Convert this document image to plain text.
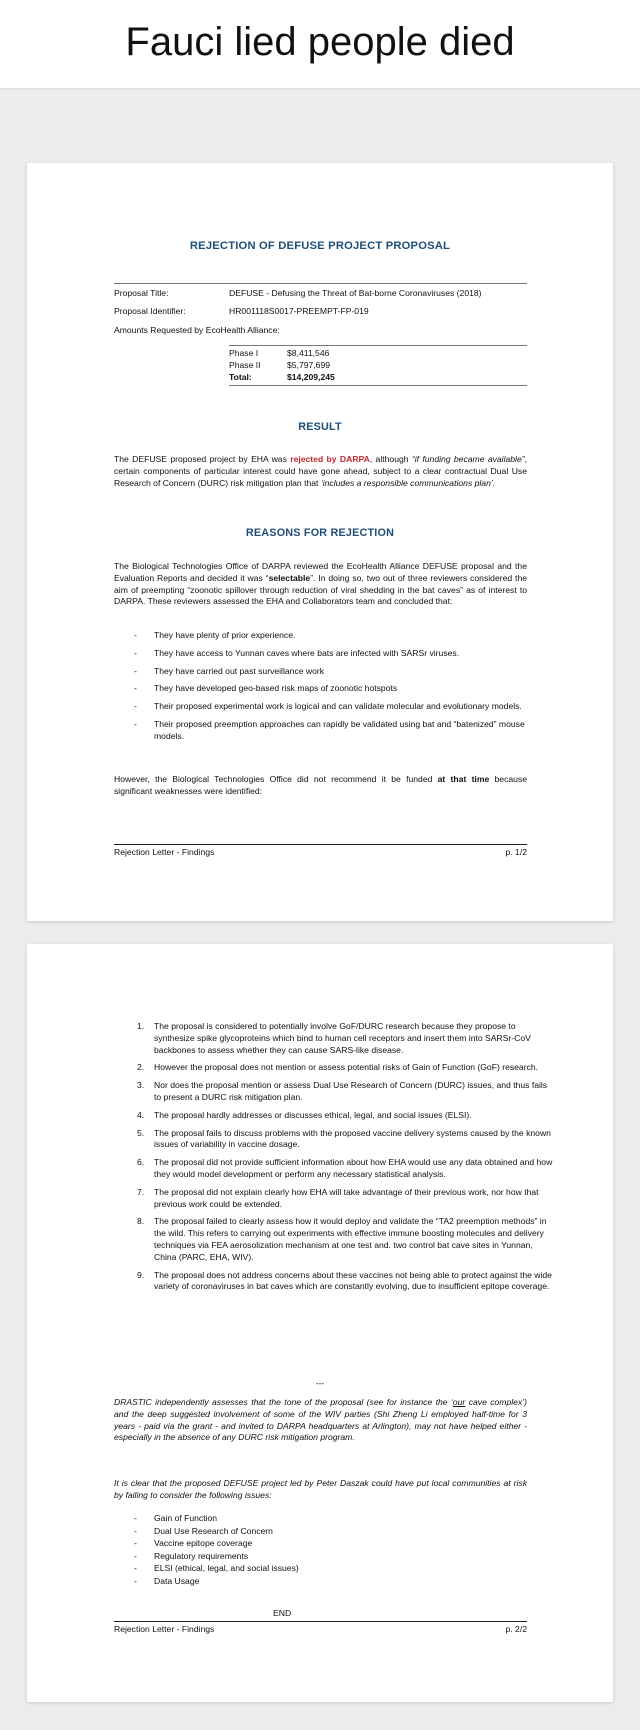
Fauci lied people died
REJECTION OF DEFUSE PROJECT PROPOSAL
Proposal Title:	DEFUSE - Defusing the Threat of Bat-borne Coronaviruses (2018)
Proposal Identifier:	HR001118S0017-PREEMPT-FP-019
Amounts Requested by EcoHealth Alliance:
Phase I	$8,411,546
Phase II	$5,797,699
Total:	$14,209,245
RESULT
The DEFUSE proposed project by EHA was rejected by DARPA, although “if funding became available”, certain components of particular interest could have gone ahead, subject to a clear contractual Dual Use Research of Concern (DURC) risk mitigation plan that ‘includes a responsible communications plan’.
REASONS FOR REJECTION
The Biological Technologies Office of DARPA reviewed the EcoHealth Alliance DEFUSE proposal and the Evaluation Reports and decided it was “selectable”. In doing so, two out of three reviewers considered the aim of preempting “zoonotic spillover through reduction of viral shedding in the bat caves” as of interest to DARPA. These reviewers assessed the EHA and Collaborators team and concluded that:
- They have plenty of prior experience.
- They have access to Yunnan caves where bats are infected with SARSr viruses.
- They have carried out past surveillance work
- They have developed geo-based risk maps of zoonotic hotspots
- Their proposed experimental work is logical and can validate molecular and evolutionary models.
- Their proposed preemption approaches can rapidly be validated using bat and “batenized” mouse models.
However, the Biological Technologies Office did not recommend it be funded at that time because significant weaknesses were identified:
Rejection Letter - Findings	p. 1/2
1. The proposal is considered to potentially involve GoF/DURC research because they propose to synthesize spike glycoproteins which bind to human cell receptors and insert them into SARSr-CoV backbones to assess whether they can cause SARS-like disease.
2. However the proposal does not mention or assess potential risks of Gain of Function (GoF) research.
3. Nor does the proposal mention or assess Dual Use Research of Concern (DURC) issues, and thus fails to present a DURC risk mitigation plan.
4. The proposal hardly addresses or discusses ethical, legal, and social issues (ELSI).
5. The proposal fails to discuss problems with the proposed vaccine delivery systems caused by the known issues of variability in vaccine dosage.
6. The proposal did not provide sufficient information about how EHA would use any data obtained and how they would model development or perform any necessary statistical analysis.
7. The proposal did not explain clearly how EHA will take advantage of their previous work, nor how that previous work could be extended.
8. The proposal failed to clearly assess how it would deploy and validate the “TA2 preemption methods” in the wild. This refers to carrying out experiments with effective immune boosting molecules and delivery techniques via FEA aerosolization mechanism at one test and. two control bat cave sites in Yunnan, China (PARC, EHA, WIV).
9. The proposal does not address concerns about these vaccines not being able to protect against the wide variety of coronaviruses in bat caves which are constantly evolving, due to insufficient epitope coverage.
---
DRASTIC independently assesses that the tone of the proposal (see for instance the ‘our cave complex’) and the deep suggested involvement of some of the WIV parties (Shi Zheng Li employed half-time for 3 years - paid via the grant - and invited to DARPA headquarters at Arlington), may not have helped either - especially in the absence of any DURC risk mitigation program.
It is clear that the proposed DEFUSE project led by Peter Daszak could have put local communities at risk by failing to consider the following issues:
- Gain of Function
- Dual Use Research of Concern
- Vaccine epitope coverage
- Regulatory requirements
- ELSI (ethical, legal, and social issues)
- Data Usage
END
Rejection Letter - Findings	p. 2/2
